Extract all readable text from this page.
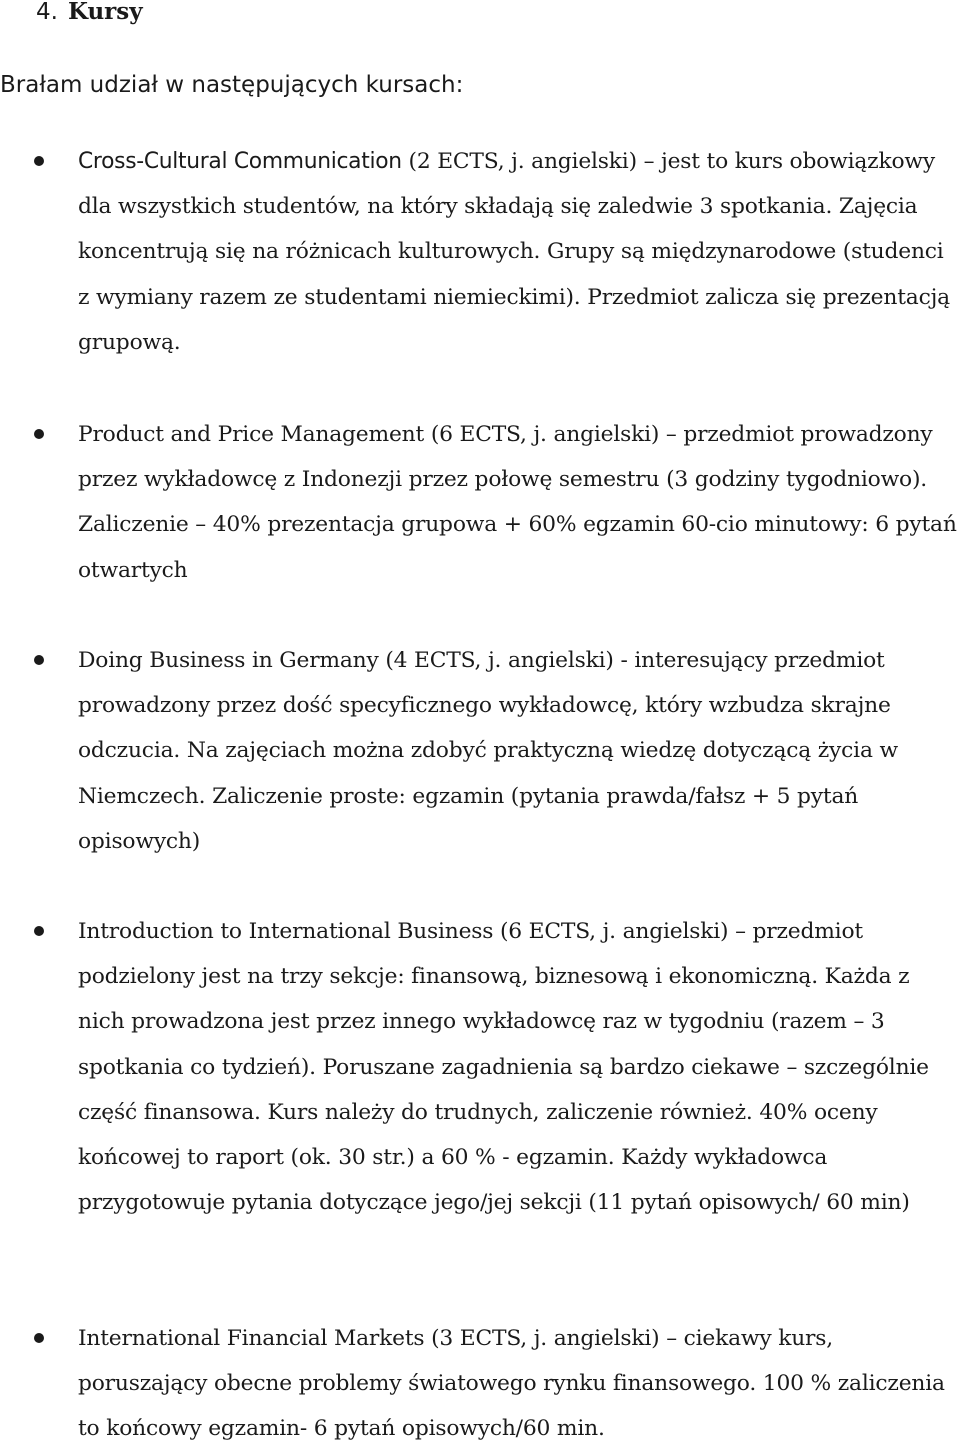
4. Kursy

Brałam udział w następujących kursach:

Cross-Cultural Communication (2 ECTS, j. angielski) – jest to kurs obowiązkowy dla wszystkich studentów, na który składają się zaledwie 3 spotkania. Zajęcia koncentrują się na różnicach kulturowych. Grupy są międzynarodowe (studenci z wymiany razem ze studentami niemieckimi). Przedmiot zalicza się prezentacją grupową.

Product and Price Management (6 ECTS, j. angielski) – przedmiot prowadzony przez wykładowcę z Indonezji przez połowę semestru (3 godziny tygodniowo). Zaliczenie – 40% prezentacja grupowa + 60% egzamin 60-cio minutowy: 6 pytań otwartych

Doing Business in Germany (4 ECTS, j. angielski) - interesujący przedmiot prowadzony przez dość specyficznego wykładowcę, który wzbudza skrajne odczucia. Na zajęciach można zdobyć praktyczną wiedzę dotyczącą życia w Niemczech. Zaliczenie proste: egzamin (pytania prawda/fałsz + 5 pytań opisowych)

Introduction to International Business (6 ECTS, j. angielski) – przedmiot podzielony jest na trzy sekcje: finansową, biznesową i ekonomiczną. Każda z nich prowadzona jest przez innego wykładowcę raz w tygodniu (razem – 3 spotkania co tydzień). Poruszane zagadnienia są bardzo ciekawe – szczególnie część finansowa. Kurs należy do trudnych, zaliczenie również. 40% oceny końcowej to raport (ok. 30 str.) a 60 % - egzamin. Każdy wykładowca przygotowuje pytania dotyczące jego/jej sekcji (11 pytań opisowych/ 60 min)

International Financial Markets (3 ECTS, j. angielski) – ciekawy kurs, poruszający obecne problemy światowego rynku finansowego. 100 % zaliczenia to końcowy egzamin- 6 pytań opisowych/60 min.
